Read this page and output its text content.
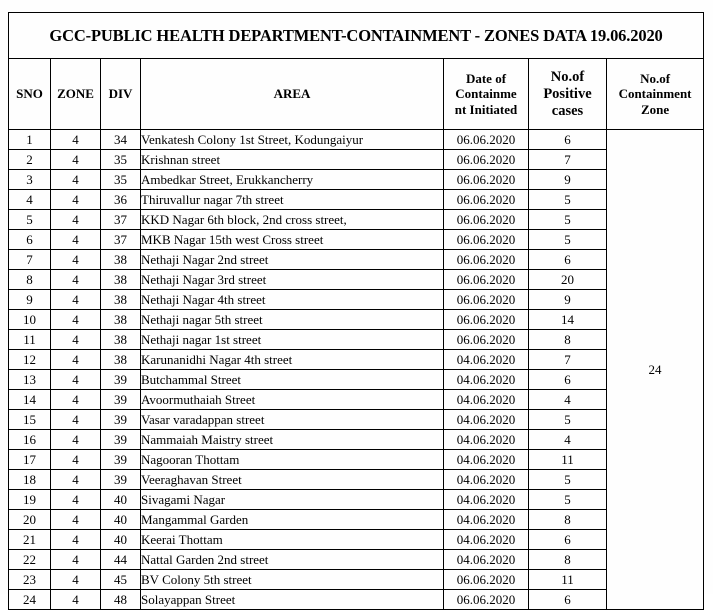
GCC-PUBLIC HEALTH DEPARTMENT-CONTAINMENT - ZONES DATA 19.06.2020						
SNO	ZONE	DIV	AREA	Date of
Containme
nt Initiated	No.of
Positive
cases	No.of
Containment
Zone
1	4	34	Venkatesh Colony 1st Street, Kodungaiyur	06.06.2020	6	24
2	4	35	Krishnan street	06.06.2020	7	
3	4	35	Ambedkar Street, Erukkancherry	06.06.2020	9	
4	4	36	Thiruvallur nagar 7th street	06.06.2020	5	
5	4	37	KKD Nagar 6th block, 2nd cross street,	06.06.2020	5	
6	4	37	MKB Nagar 15th west Cross street	06.06.2020	5	
7	4	38	Nethaji Nagar 2nd street	06.06.2020	6	
8	4	38	Nethaji Nagar 3rd street	06.06.2020	20	
9	4	38	Nethaji Nagar 4th street	06.06.2020	9	
10	4	38	Nethaji nagar 5th street	06.06.2020	14	
11	4	38	Nethaji nagar 1st street	06.06.2020	8	
12	4	38	Karunanidhi Nagar 4th street	04.06.2020	7	
13	4	39	Butchammal Street	04.06.2020	6	
14	4	39	Avoormuthaiah Street	04.06.2020	4	
15	4	39	Vasar varadappan street	04.06.2020	5	
16	4	39	Nammaiah Maistry street	04.06.2020	4	
17	4	39	Nagooran Thottam	04.06.2020	11	
18	4	39	Veeraghavan Street	04.06.2020	5	
19	4	40	Sivagami Nagar	04.06.2020	5	
20	4	40	Mangammal Garden	04.06.2020	8	
21	4	40	Keerai Thottam	04.06.2020	6	
22	4	44	Nattal Garden 2nd street	04.06.2020	8	
23	4	45	BV Colony 5th street	06.06.2020	11	
24	4	48	Solayappan Street	06.06.2020	6	
